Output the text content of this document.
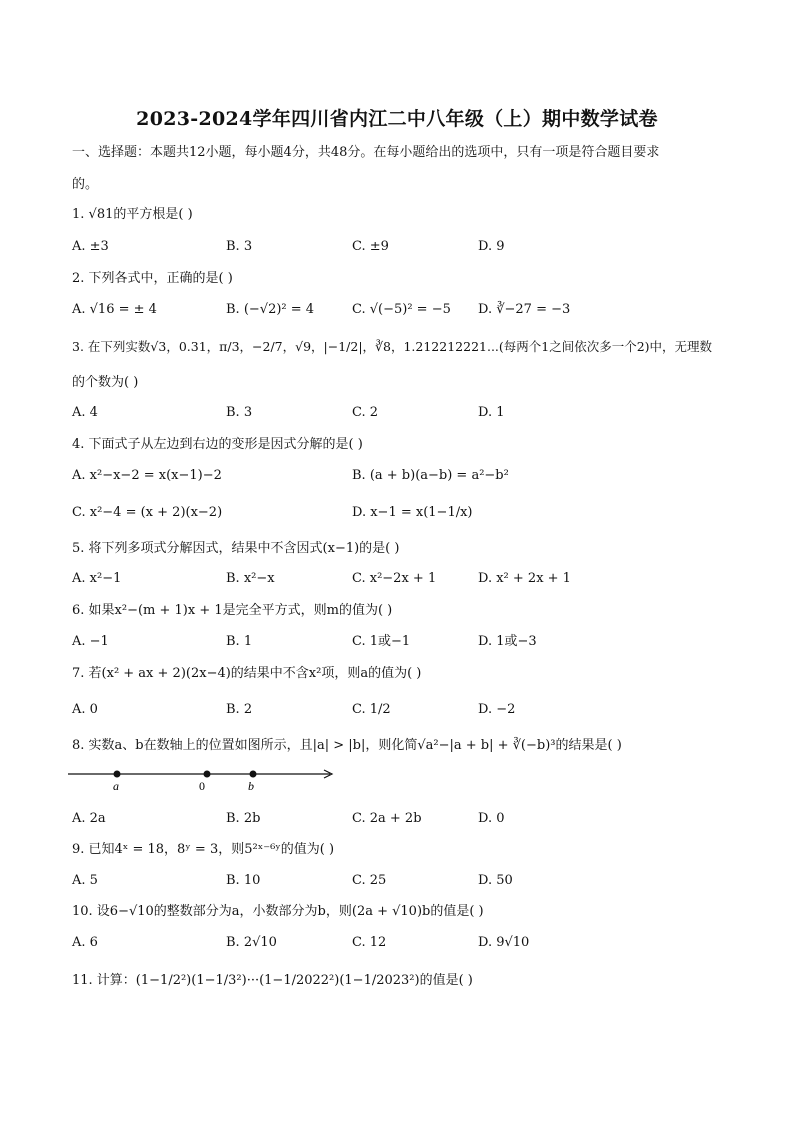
2023-2024学年四川省内江二中八年级（上）期中数学试卷
一、选择题：本题共12小题，每小题4分，共48分。在每小题给出的选项中，只有一项是符合题目要求
的。
1. √81的平方根是( )
A. ±3	B. 3	C. ±9	D. 9
2. 下列各式中，正确的是( )
A. √16 = ± 4	B. (−√2)² = 4	C. √(−5)² = −5 D. ∛−27 = −3
3. 在下列实数√3，0.31，π/3，−2/7，√9，|−1/2|，∛8，1.212212221...(每两个1之间依次多一个2)中，无理数
的个数为( )
A. 4	B. 3	C. 2	D. 1
4. 下面式子从左边到右边的变形是因式分解的是( )
A. x²−x−2 = x(x−1)−2	B. (a + b)(a−b) = a²−b²
C. x²−4 = (x + 2)(x−2)	D. x−1 = x(1−1/x)
5. 将下列多项式分解因式，结果中不含因式(x−1)的是( )
A. x²−1	B. x²−x	C. x²−2x + 1	D. x² + 2x + 1
6. 如果x²−(m + 1)x + 1是完全平方式，则m的值为( )
A. −1	B. 1	C. 1或−1	D. 1或−3
7. 若(x² + ax + 2)(2x−4)的结果中不含x²项，则a的值为( )
A. 0	B. 2	C. 1/2	D. −2
8. 实数a、b在数轴上的位置如图所示，且|a| > |b|，则化简√a²−|a + b| + ∛(−b)³的结果是( )
a	0	b
A. 2a	B. 2b	C. 2a + 2b	D. 0
9. 已知4ˣ = 18，8ʸ = 3，则5²ˣ⁻⁶ʸ的值为( )
A. 5	B. 10	C. 25	D. 50
10. 设6−√10的整数部分为a，小数部分为b，则(2a + √10)b的值是( )
A. 6	B. 2√10	C. 12	D. 9√10
11. 计算：(1−1/2²)(1−1/3²)···(1−1/2022²)(1−1/2023²)的值是( )
